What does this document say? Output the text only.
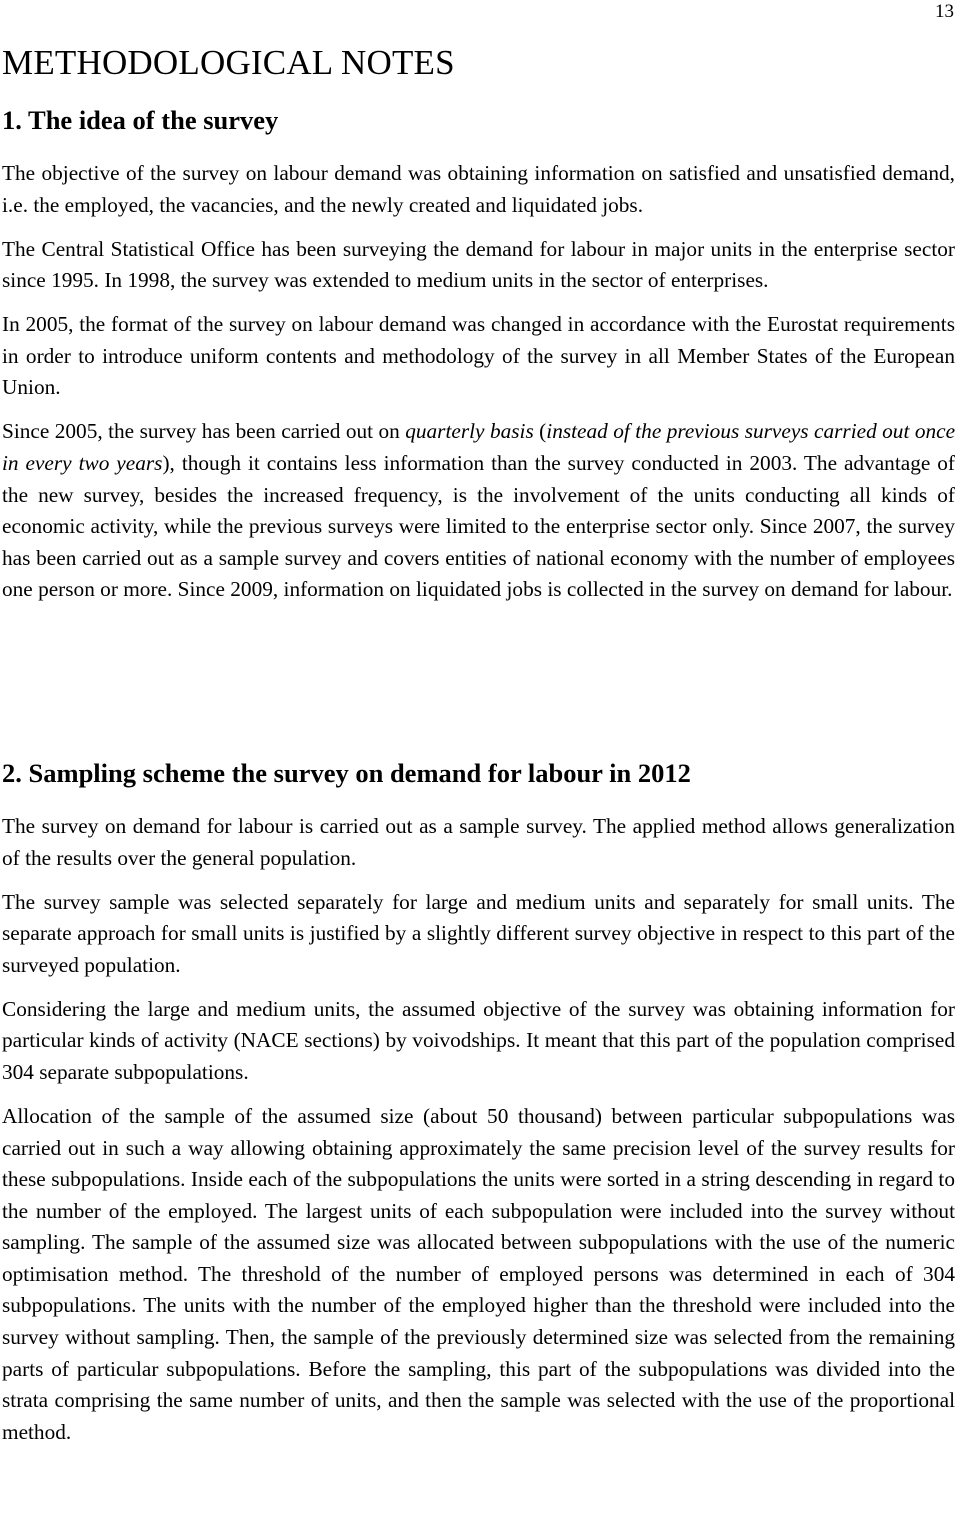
13
METHODOLOGICAL NOTES
1. The idea of the survey

The objective of the survey on labour demand was obtaining information on satisfied and unsatisfied demand, i.e. the employed, the vacancies, and the newly created and liquidated jobs.

The Central Statistical Office has been surveying the demand for labour in major units in the enterprise sector since 1995. In 1998, the survey was extended to medium units in the sector of enterprises.

In 2005, the format of the survey on labour demand was changed in accordance with the Eurostat requirements in order to introduce uniform contents and methodology of the survey in all Member States of the European Union.

Since 2005, the survey has been carried out on quarterly basis (instead of the previous surveys carried out once in every two years), though it contains less information than the survey conducted in 2003. The advantage of the new survey, besides the increased frequency, is the involvement of the units conducting all kinds of economic activity, while the previous surveys were limited to the enterprise sector only. Since 2007, the survey has been carried out as a sample survey and covers entities of national economy with the number of employees one person or more. Since 2009, information on liquidated jobs is collected in the survey on demand for labour.

2. Sampling scheme the survey on demand for labour in 2012

The survey on demand for labour is carried out as a sample survey. The applied method allows generalization of the results over the general population.

The survey sample was selected separately for large and medium units and separately for small units. The separate approach for small units is justified by a slightly different survey objective in respect to this part of the surveyed population.

Considering the large and medium units, the assumed objective of the survey was obtaining information for particular kinds of activity (NACE sections) by voivodships. It meant that this part of the population comprised 304 separate subpopulations.

Allocation of the sample of the assumed size (about 50 thousand) between particular subpopulations was carried out in such a way allowing obtaining approximately the same precision level of the survey results for these subpopulations. Inside each of the subpopulations the units were sorted in a string descending in regard to the number of the employed. The largest units of each subpopulation were included into the survey without sampling. The sample of the assumed size was allocated between subpopulations with the use of the numeric optimisation method. The threshold of the number of employed persons was determined in each of 304 subpopulations. The units with the number of the employed higher than the threshold were included into the survey without sampling. Then, the sample of the previously determined size was selected from the remaining parts of particular subpopulations. Before the sampling, this part of the subpopulations was divided into the strata comprising the same number of units, and then the sample was selected with the use of the proportional method.
